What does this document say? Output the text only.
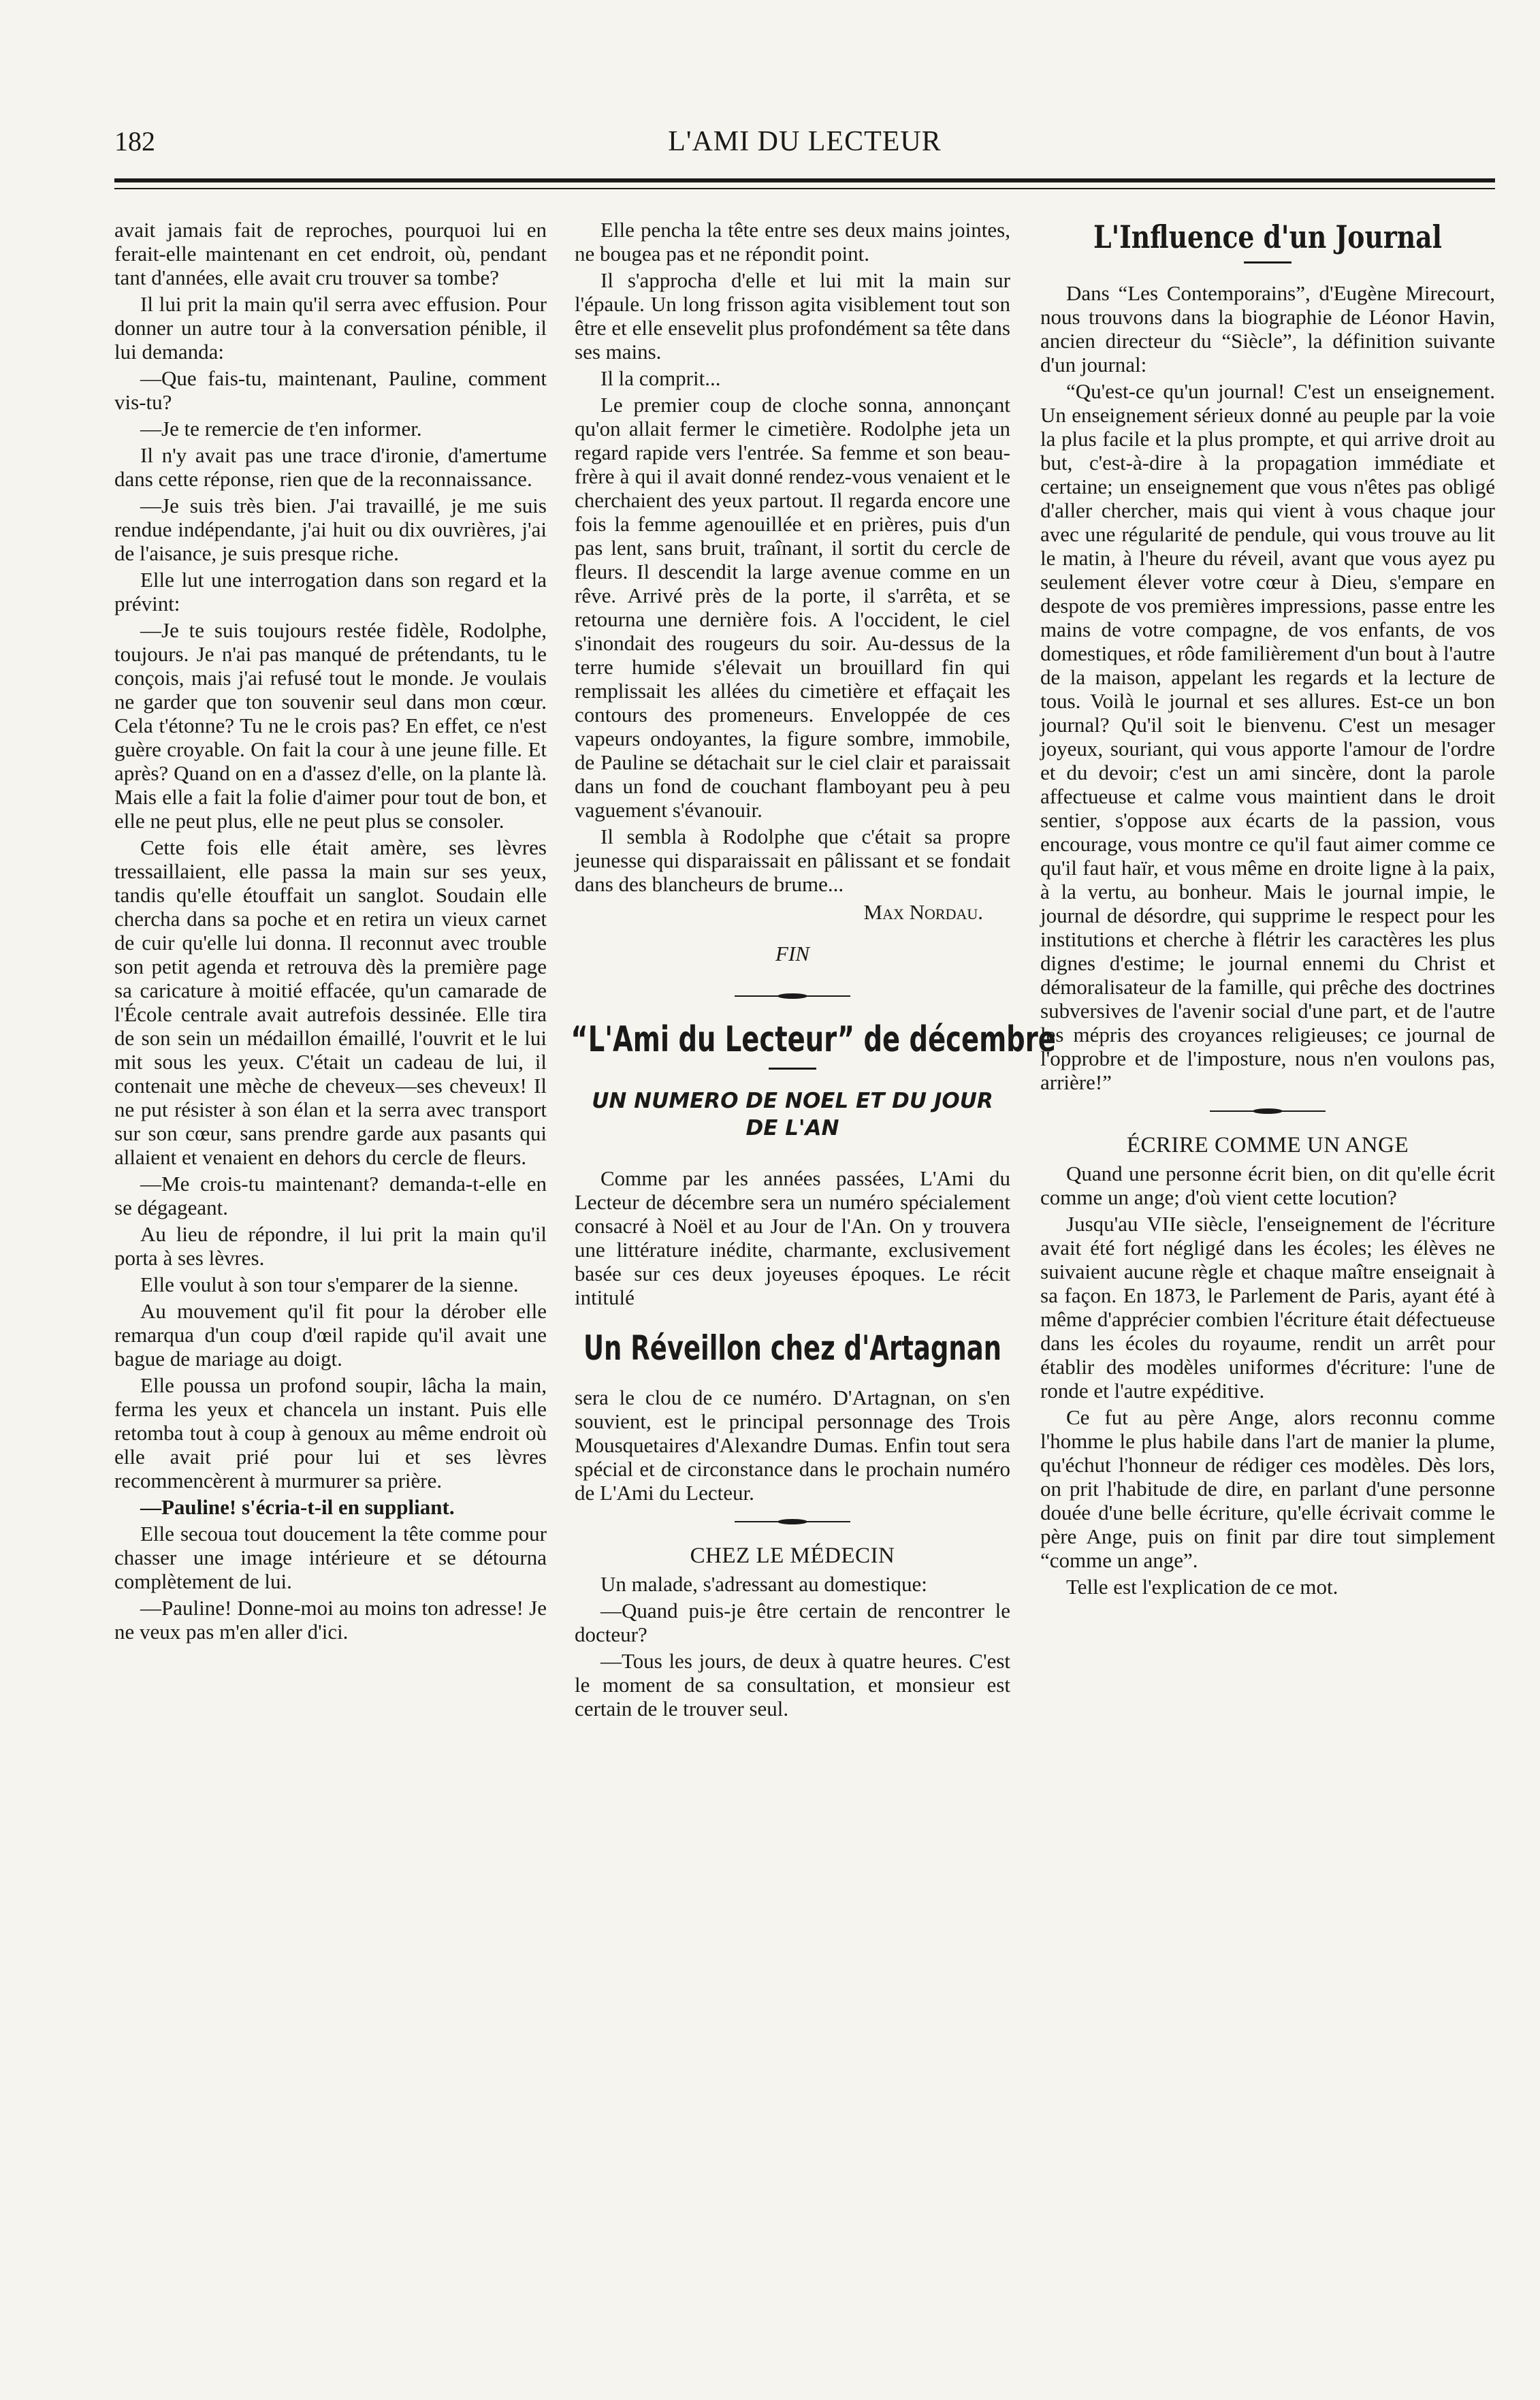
182	L'AMI DU LECTEUR

avait jamais fait de reproches, pourquoi lui en ferait-elle maintenant en cet endroit, où, pendant tant d'années, elle avait cru trouver sa tombe?

Il lui prit la main qu'il serra avec effusion. Pour donner un autre tour à la conversation pénible, il lui demanda:

—Que fais-tu, maintenant, Pauline, comment vis-tu?

—Je te remercie de t'en informer.

Il n'y avait pas une trace d'ironie, d'amertume dans cette réponse, rien que de la reconnaissance.

—Je suis très bien. J'ai travaillé, je me suis rendue indépendante, j'ai huit ou dix ouvrières, j'ai de l'aisance, je suis presque riche.

Elle lut une interrogation dans son regard et la prévint:

—Je te suis toujours restée fidèle, Rodolphe, toujours. Je n'ai pas manqué de prétendants, tu le conçois, mais j'ai refusé tout le monde. Je voulais ne garder que ton souvenir seul dans mon cœur. Cela t'étonne? Tu ne le crois pas? En effet, ce n'est guère croyable. On fait la cour à une jeune fille. Et après? Quand on en a d'assez d'elle, on la plante là. Mais elle a fait la folie d'aimer pour tout de bon, et elle ne peut plus, elle ne peut plus se consoler.

Cette fois elle était amère, ses lèvres tressaillaient, elle passa la main sur ses yeux, tandis qu'elle étouffait un sanglot. Soudain elle chercha dans sa poche et en retira un vieux carnet de cuir qu'elle lui donna. Il reconnut avec trouble son petit agenda et retrouva dès la première page sa caricature à moitié effacée, qu'un camarade de l'École centrale avait autrefois dessinée. Elle tira de son sein un médaillon émaillé, l'ouvrit et le lui mit sous les yeux. C'était un cadeau de lui, il contenait une mèche de cheveux—ses cheveux! Il ne put résister à son élan et la serra avec transport sur son cœur, sans prendre garde aux pasants qui allaient et venaient en dehors du cercle de fleurs.

—Me crois-tu maintenant? demanda-t-elle en se dégageant.

Au lieu de répondre, il lui prit la main qu'il porta à ses lèvres.

Elle voulut à son tour s'emparer de la sienne.

Au mouvement qu'il fit pour la dérober elle remarqua d'un coup d'œil rapide qu'il avait une bague de mariage au doigt.

Elle poussa un profond soupir, lâcha la main, ferma les yeux et chancela un instant. Puis elle retomba tout à coup à genoux au même endroit où elle avait prié pour lui et ses lèvres recommencèrent à murmurer sa prière.

—Pauline! s'écria-t-il en suppliant.

Elle secoua tout doucement la tête comme pour chasser une image intérieure et se détourna complètement de lui.

—Pauline! Donne-moi au moins ton adresse! Je ne veux pas m'en aller d'ici.

Elle pencha la tête entre ses deux mains jointes, ne bougea pas et ne répondit point.

Il s'approcha d'elle et lui mit la main sur l'épaule. Un long frisson agita visiblement tout son être et elle ensevelit plus profondément sa tête dans ses mains.

Il la comprit...

Le premier coup de cloche sonna, annonçant qu'on allait fermer le cimetière. Rodolphe jeta un regard rapide vers l'entrée. Sa femme et son beau-frère à qui il avait donné rendez-vous venaient et le cherchaient des yeux partout. Il regarda encore une fois la femme agenouillée et en prières, puis d'un pas lent, sans bruit, traînant, il sortit du cercle de fleurs. Il descendit la large avenue comme en un rêve. Arrivé près de la porte, il s'arrêta, et se retourna une dernière fois. A l'occident, le ciel s'inondait des rougeurs du soir. Au-dessus de la terre humide s'élevait un brouillard fin qui remplissait les allées du cimetière et effaçait les contours des promeneurs. Enveloppée de ces vapeurs ondoyantes, la figure sombre, immobile, de Pauline se détachait sur le ciel clair et paraissait dans un fond de couchant flamboyant peu à peu vaguement s'évanouir.

Il sembla à Rodolphe que c'était sa propre jeunesse qui disparaissait en pâlissant et se fondait dans des blancheurs de brume...

Max Nordau.
FIN
“L'Ami du Lecteur” de décembre
UN NUMERO DE NOEL ET DU JOUR DE L'AN

Comme par les années passées, L'Ami du Lecteur de décembre sera un numéro spécialement consacré à Noël et au Jour de l'An. On y trouvera une littérature inédite, charmante, exclusivement basée sur ces deux joyeuses époques. Le récit intitulé

Un Réveillon chez d'Artagnan

sera le clou de ce numéro. D'Artagnan, on s'en souvient, est le principal personnage des Trois Mousquetaires d'Alexandre Dumas. Enfin tout sera spécial et de circonstance dans le prochain numéro de L'Ami du Lecteur.

CHEZ LE MÉDECIN

Un malade, s'adressant au domestique:

—Quand puis-je être certain de rencontrer le docteur?

—Tous les jours, de deux à quatre heures. C'est le moment de sa consultation, et monsieur est certain de le trouver seul.

L'Influence d'un Journal

Dans “Les Contemporains”, d'Eugène Mirecourt, nous trouvons dans la biographie de Léonor Havin, ancien directeur du “Siècle”, la définition suivante d'un journal:

“Qu'est-ce qu'un journal! C'est un enseignement. Un enseignement sérieux donné au peuple par la voie la plus facile et la plus prompte, et qui arrive droit au but, c'est-à-dire à la propagation immédiate et certaine; un enseignement que vous n'êtes pas obligé d'aller chercher, mais qui vient à vous chaque jour avec une régularité de pendule, qui vous trouve au lit le matin, à l'heure du réveil, avant que vous ayez pu seulement élever votre cœur à Dieu, s'empare en despote de vos premières impressions, passe entre les mains de votre compagne, de vos enfants, de vos domestiques, et rôde familièrement d'un bout à l'autre de la maison, appelant les regards et la lecture de tous. Voilà le journal et ses allures. Est-ce un bon journal? Qu'il soit le bienvenu. C'est un mesager joyeux, souriant, qui vous apporte l'amour de l'ordre et du devoir; c'est un ami sincère, dont la parole affectueuse et calme vous maintient dans le droit sentier, s'oppose aux écarts de la passion, vous encourage, vous montre ce qu'il faut aimer comme ce qu'il faut haïr, et vous même en droite ligne à la paix, à la vertu, au bonheur. Mais le journal impie, le journal de désordre, qui supprime le respect pour les institutions et cherche à flétrir les caractères les plus dignes d'estime; le journal ennemi du Christ et démoralisateur de la famille, qui prêche des doctrines subversives de l'avenir social d'une part, et de l'autre les mépris des croyances religieuses; ce journal de l'opprobre et de l'imposture, nous n'en voulons pas, arrière!”

ÉCRIRE COMME UN ANGE

Quand une personne écrit bien, on dit qu'elle écrit comme un ange; d'où vient cette locution?

Jusqu'au VIIe siècle, l'enseignement de l'écriture avait été fort négligé dans les écoles; les élèves ne suivaient aucune règle et chaque maître enseignait à sa façon. En 1873, le Parlement de Paris, ayant été à même d'apprécier combien l'écriture était défectueuse dans les écoles du royaume, rendit un arrêt pour établir des modèles uniformes d'écriture: l'une de ronde et l'autre expéditive.

Ce fut au père Ange, alors reconnu comme l'homme le plus habile dans l'art de manier la plume, qu'échut l'honneur de rédiger ces modèles. Dès lors, on prit l'habitude de dire, en parlant d'une personne douée d'une belle écriture, qu'elle écrivait comme le père Ange, puis on finit par dire tout simplement “comme un ange”.

Telle est l'explication de ce mot.
